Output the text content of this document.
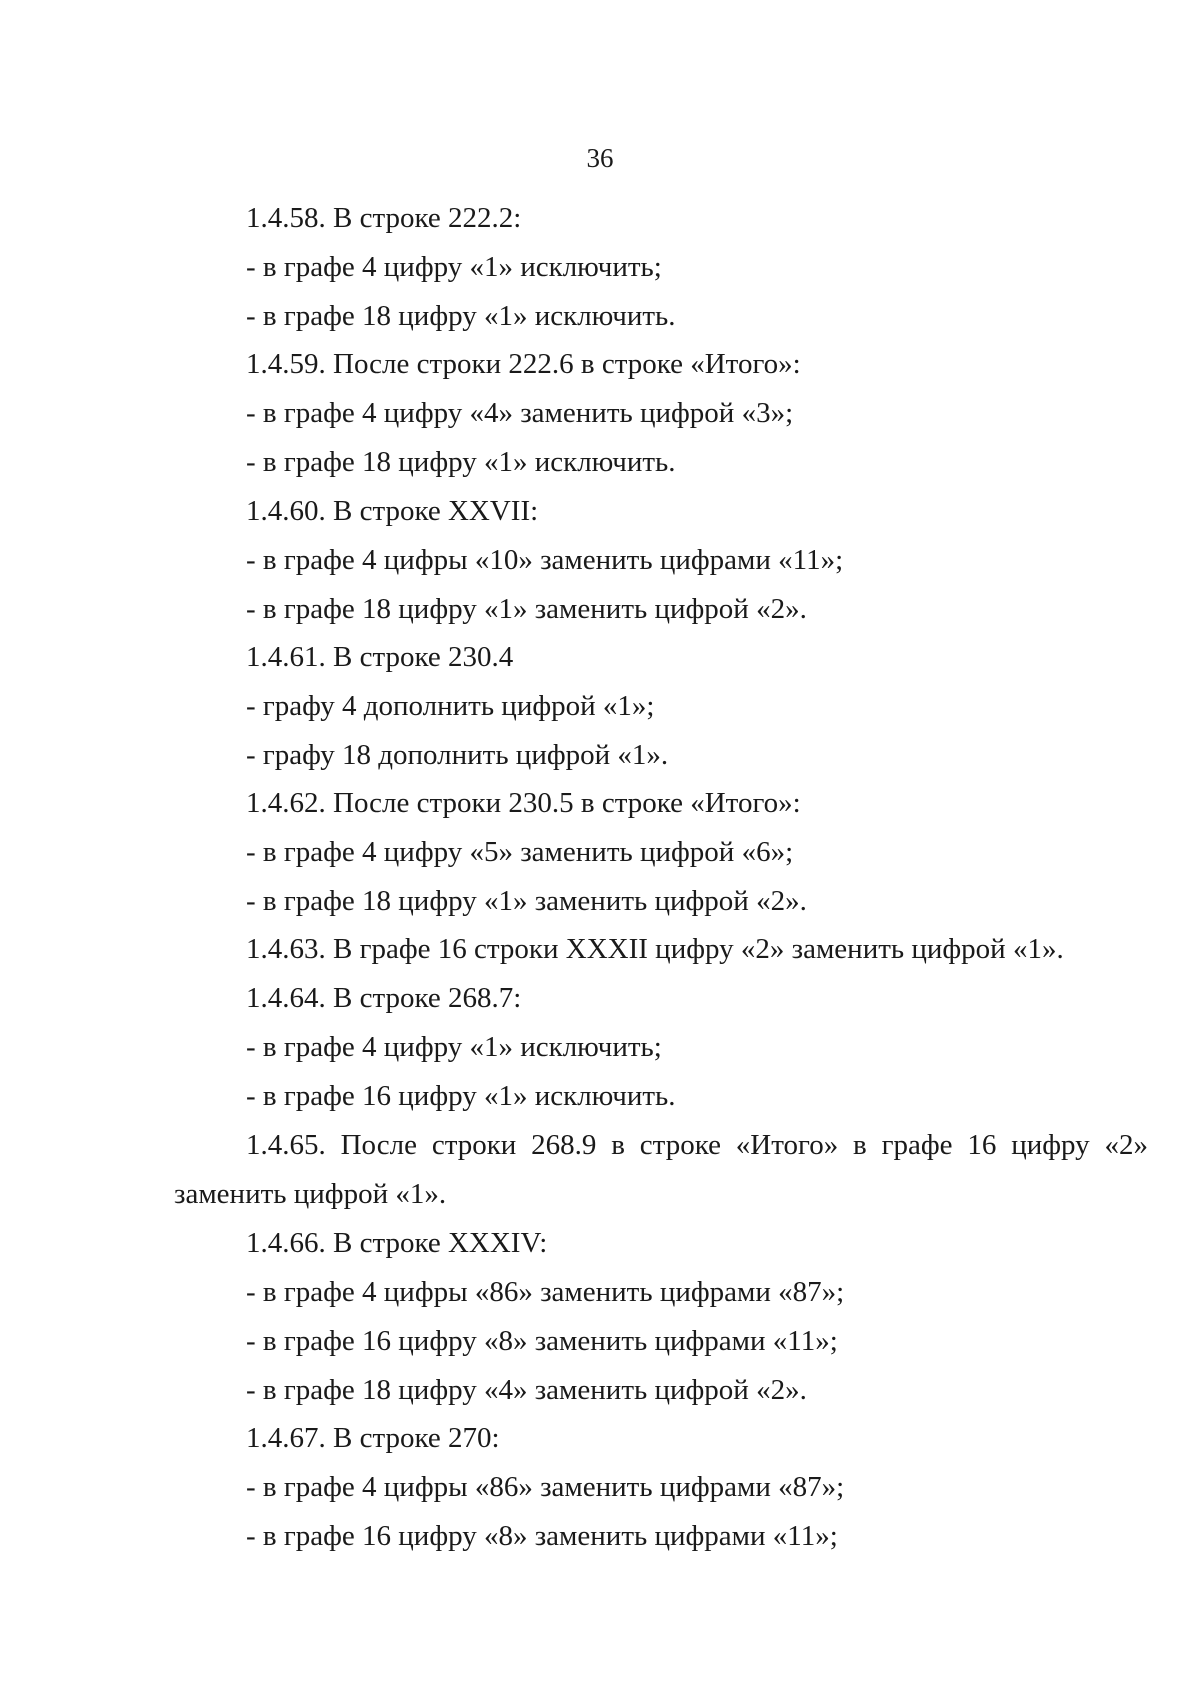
36
1.4.58. В строке 222.2:
- в графе 4 цифру «1» исключить;
- в графе 18 цифру «1» исключить.
1.4.59. После строки 222.6 в строке «Итого»:
- в графе 4 цифру «4» заменить цифрой «3»;
- в графе 18 цифру «1» исключить.
1.4.60. В строке XXVII:
- в графе 4 цифры «10» заменить цифрами «11»;
- в графе 18 цифру «1» заменить цифрой «2».
1.4.61. В строке 230.4
- графу 4 дополнить цифрой «1»;
- графу 18 дополнить цифрой «1».
1.4.62. После строки 230.5 в строке «Итого»:
- в графе 4 цифру «5» заменить цифрой «6»;
- в графе 18 цифру «1» заменить цифрой «2».
1.4.63. В графе 16 строки XXXII цифру «2» заменить цифрой «1».
1.4.64. В строке 268.7:
- в графе 4 цифру «1» исключить;
- в графе 16 цифру «1» исключить.
1.4.65. После строки 268.9 в строке «Итого» в графе 16 цифру «2»
заменить цифрой «1».
1.4.66. В строке XXXIV:
- в графе 4 цифры «86» заменить цифрами «87»;
- в графе 16 цифру «8» заменить цифрами «11»;
- в графе 18 цифру «4» заменить цифрой «2».
1.4.67. В строке 270:
- в графе 4 цифры «86» заменить цифрами «87»;
- в графе 16 цифру «8» заменить цифрами «11»;
